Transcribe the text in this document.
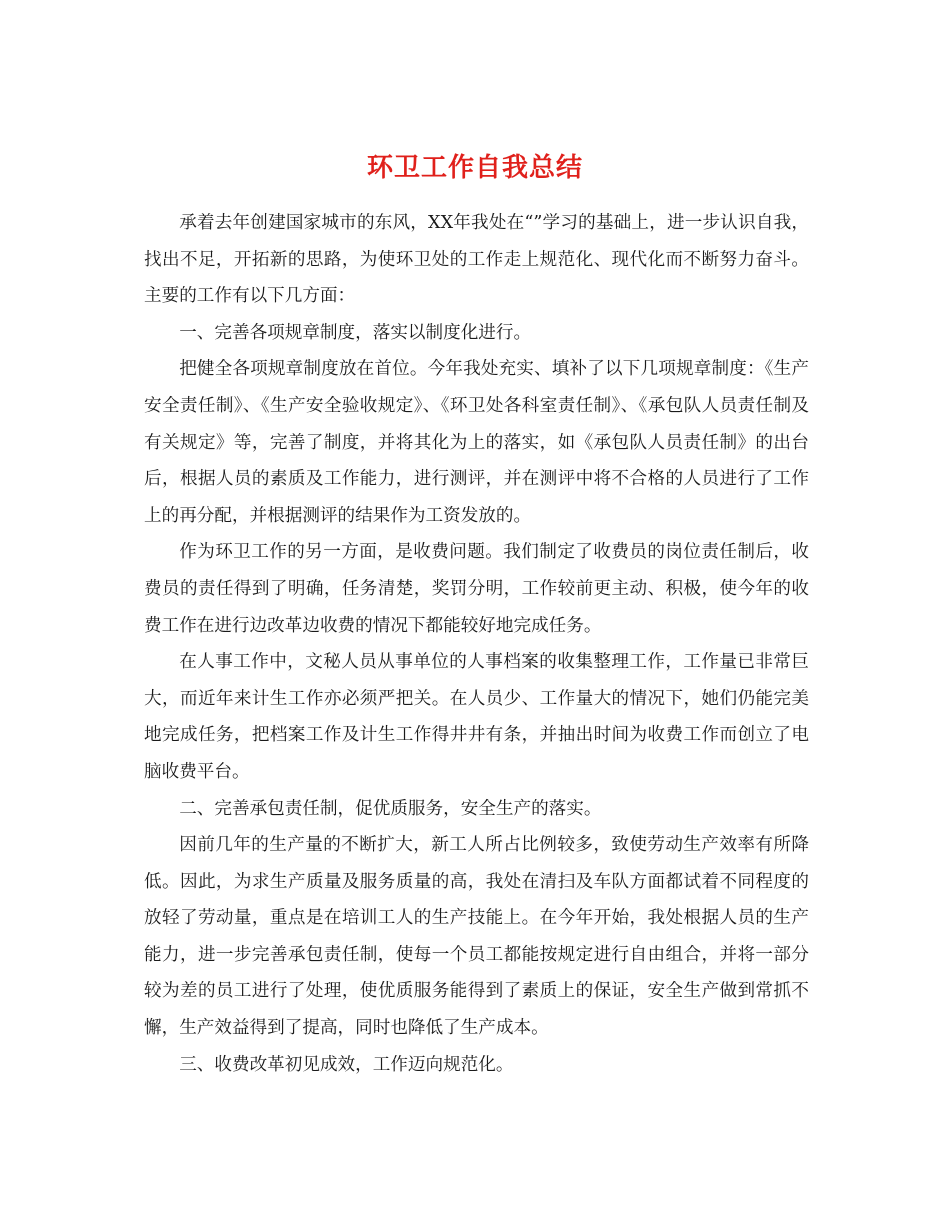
环卫工作自我总结

承着去年创建国家城市的东风，XX年我处在“”学习的基础上，进一步认识自我，找出不足，开拓新的思路，为使环卫处的工作走上规范化、现代化而不断努力奋斗。主要的工作有以下几方面：

一、完善各项规章制度，落实以制度化进行。

把健全各项规章制度放在首位。今年我处充实、填补了以下几项规章制度：《生产安全责任制》、《生产安全验收规定》、《环卫处各科室责任制》、《承包队人员责任制及有关规定》等，完善了制度，并将其化为上的落实，如《承包队人员责任制》的出台后，根据人员的素质及工作能力，进行测评，并在测评中将不合格的人员进行了工作上的再分配，并根据测评的结果作为工资发放的。

作为环卫工作的另一方面，是收费问题。我们制定了收费员的岗位责任制后，收费员的责任得到了明确，任务清楚，奖罚分明，工作较前更主动、积极，使今年的收费工作在进行边改革边收费的情况下都能较好地完成任务。

在人事工作中，文秘人员从事单位的人事档案的收集整理工作，工作量已非常巨大，而近年来计生工作亦必须严把关。在人员少、工作量大的情况下，她们仍能完美地完成任务，把档案工作及计生工作得井井有条，并抽出时间为收费工作而创立了电脑收费平台。

二、完善承包责任制，促优质服务，安全生产的落实。

因前几年的生产量的不断扩大，新工人所占比例较多，致使劳动生产效率有所降低。因此，为求生产质量及服务质量的高，我处在清扫及车队方面都试着不同程度的放轻了劳动量，重点是在培训工人的生产技能上。在今年开始，我处根据人员的生产能力，进一步完善承包责任制，使每一个员工都能按规定进行自由组合，并将一部分较为差的员工进行了处理，使优质服务能得到了素质上的保证，安全生产做到常抓不懈，生产效益得到了提高，同时也降低了生产成本。

三、收费改革初见成效，工作迈向规范化。
